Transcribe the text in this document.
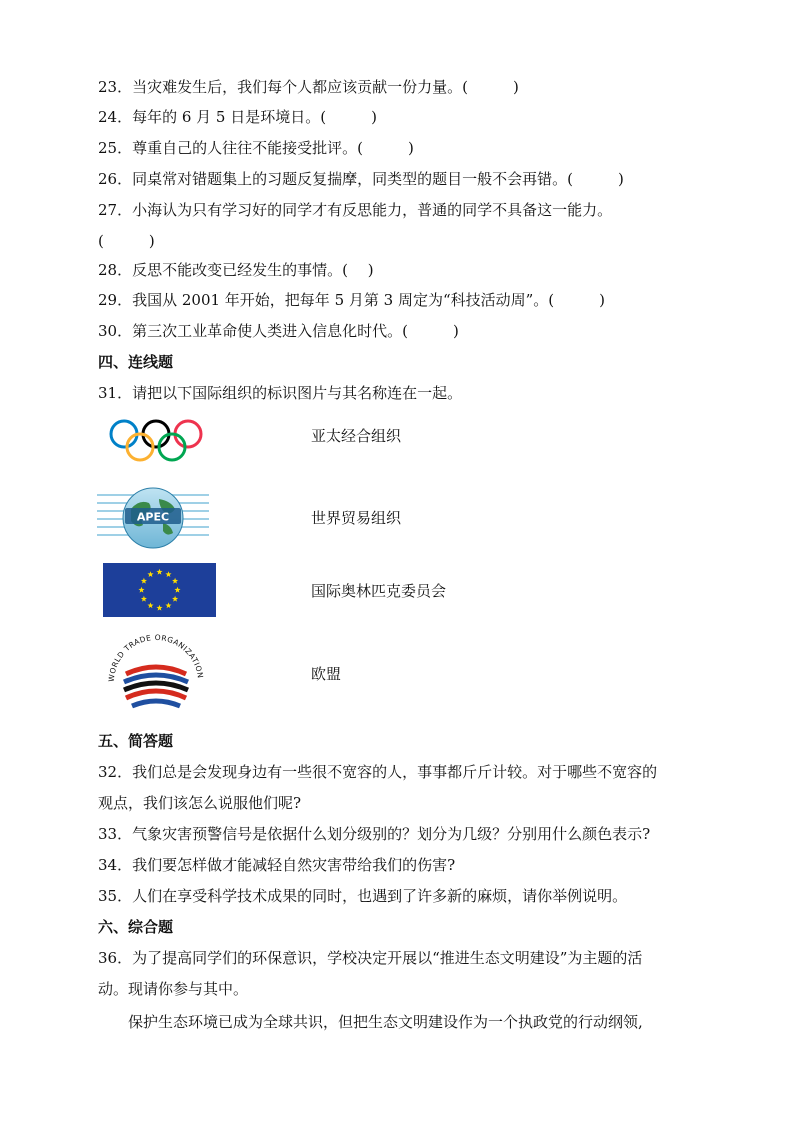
23．当灾难发生后，我们每个人都应该贡献一份力量。(　　　)
24．每年的 6 月 5 日是环境日。(　　　)
25．尊重自己的人往往不能接受批评。(　　　)
26．同桌常对错题集上的习题反复揣摩，同类型的题目一般不会再错。(　　　)
27．小海认为只有学习好的同学才有反思能力，普通的同学不具备这一能力。
(　　　)
28．反思不能改变已经发生的事情。(　 )
29．我国从 2001 年开始，把每年 5 月第 3 周定为“科技活动周”。(　　　)
30．第三次工业革命使人类进入信息化时代。(　　　)
四、连线题
31．请把以下国际组织的标识图片与其名称连在一起。
亚太经合组织
APEC	世界贸易组织
国际奥林匹克委员会
WORLD TRADE ORGANIZATION	欧盟
五、简答题
32．我们总是会发现身边有一些很不宽容的人，事事都斤斤计较。对于哪些不宽容的
观点，我们该怎么说服他们呢?
33．气象灾害预警信号是依据什么划分级别的？划分为几级？分别用什么颜色表示?
34．我们要怎样做才能减轻自然灾害带给我们的伤害?
35．人们在享受科学技术成果的同时，也遇到了许多新的麻烦，请你举例说明。
六、综合题
36．为了提高同学们的环保意识，学校决定开展以“推进生态文明建设”为主题的活
动。现请你参与其中。
　　保护生态环境已成为全球共识，但把生态文明建设作为一个执政党的行动纲领,
